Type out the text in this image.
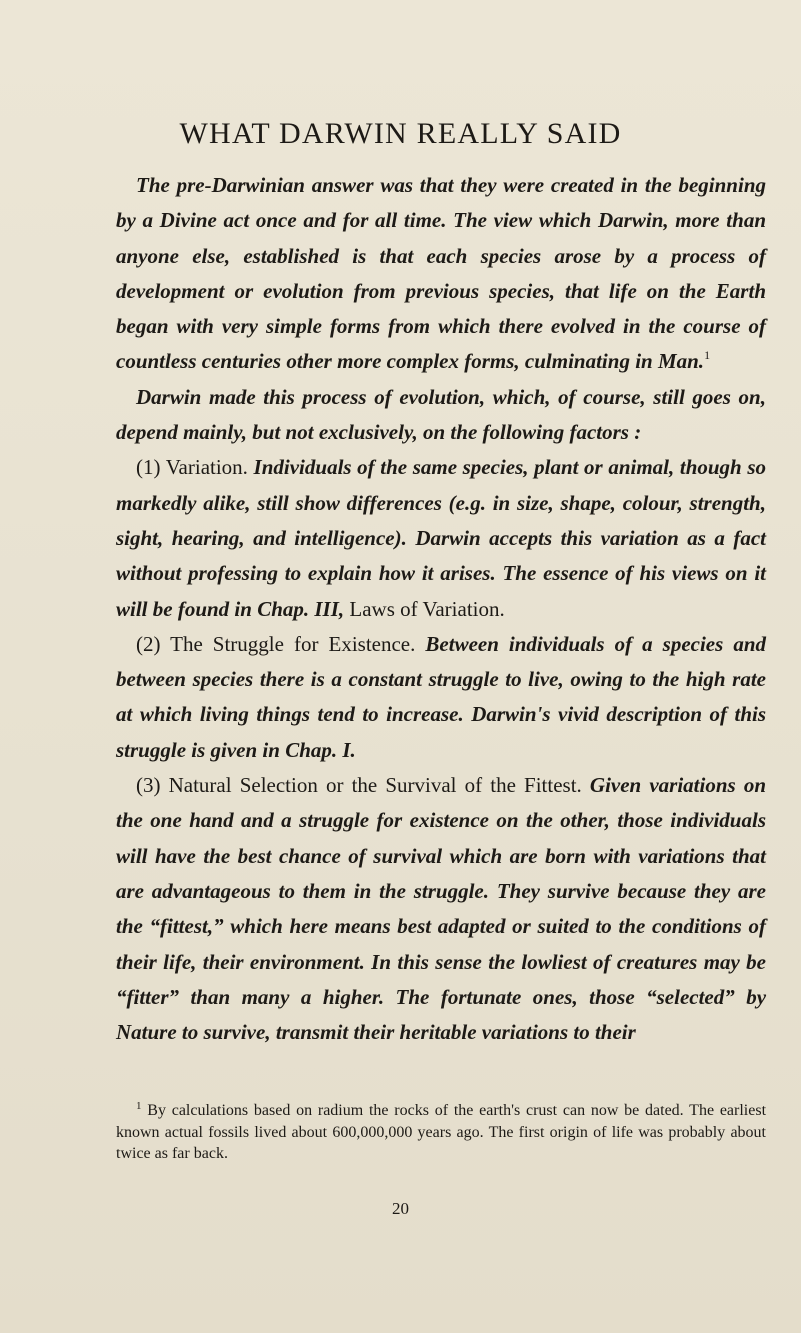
WHAT DARWIN REALLY SAID

The pre-Darwinian answer was that they were created in the beginning by a Divine act once and for all time. The view which Darwin, more than anyone else, established is that each species arose by a process of development or evolution from previous species, that life on the Earth began with very simple forms from which there evolved in the course of countless centuries other more complex forms, culminating in Man.$^1$

Darwin made this process of evolution, which, of course, still goes on, depend mainly, but not exclusively, on the following factors :

(1) Variation. Individuals of the same species, plant or animal, though so markedly alike, still show differences (e.g. in size, shape, colour, strength, sight, hearing, and intelligence). Darwin accepts this variation as a fact without professing to explain how it arises. The essence of his views on it will be found in Chap. III, Laws of Variation.

(2) The Struggle for Existence. Between individuals of a species and between species there is a constant struggle to live, owing to the high rate at which living things tend to increase. Darwin's vivid description of this struggle is given in Chap. I.

(3) Natural Selection or the Survival of the Fittest. Given variations on the one hand and a struggle for existence on the other, those individuals will have the best chance of survival which are born with variations that are advantageous to them in the struggle. They survive because they are the “fittest,” which here means best adapted or suited to the conditions of their life, their environment. In this sense the lowliest of creatures may be “fitter” than many a higher. The fortunate ones, those “selected” by Nature to survive, transmit their heritable variations to their

$^1$ By calculations based on radium the rocks of the earth's crust can now be dated. The earliest known actual fossils lived about 600,000,000 years ago. The first origin of life was probably about twice as far back.

20
